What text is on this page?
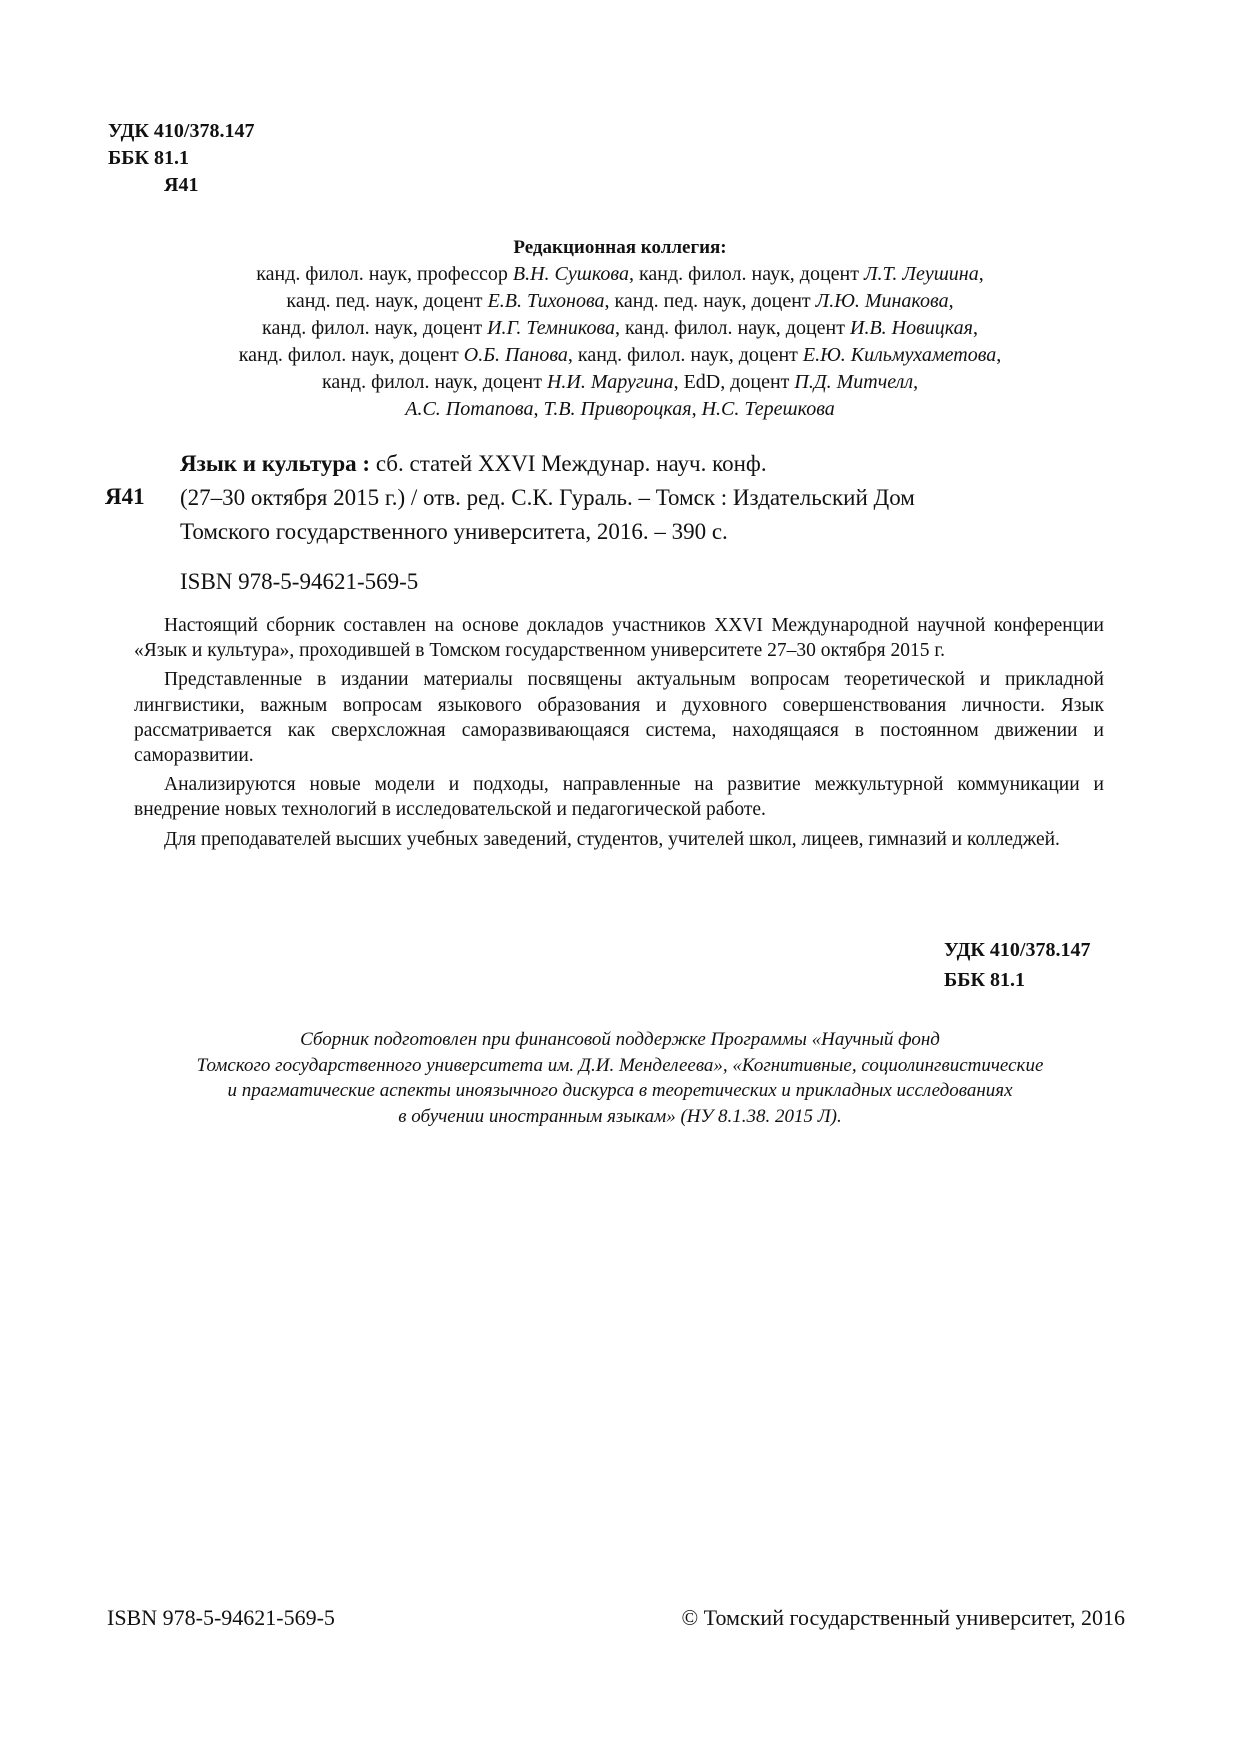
УДК 410/378.147
ББК 81.1
Я41
Редакционная коллегия:
канд. филол. наук, профессор В.Н. Сушкова, канд. филол. наук, доцент Л.Т. Леушина,
канд. пед. наук, доцент Е.В. Тихонова, канд. пед. наук, доцент Л.Ю. Минакова,
канд. филол. наук, доцент И.Г. Темникова, канд. филол. наук, доцент И.В. Новицкая,
канд. филол. наук, доцент О.Б. Панова, канд. филол. наук, доцент Е.Ю. Кильмухаметова,
канд. филол. наук, доцент Н.И. Маругина, EdD, доцент П.Д. Митчелл,
А.С. Потапова, Т.В. Привороцкая, Н.С. Терешкова
Я41
Язык и культура : сб. статей XXVI Междунар. науч. конф.
(27–30 октября 2015 г.) / отв. ред. С.К. Гураль. – Томск : Издательский Дом
Томского государственного университета, 2016. – 390 с.
ISBN 978-5-94621-569-5

Настоящий сборник составлен на основе докладов участников XXVI Международной научной конференции «Язык и культура», проходившей в Томском государственном университете 27–30 октября 2015 г.

Представленные в издании материалы посвящены актуальным вопросам теоретической и прикладной лингвистики, важным вопросам языкового образования и духовного совершенствования личности. Язык рассматривается как сверхсложная саморазвивающаяся система, находящаяся в постоянном движении и саморазвитии.

Анализируются новые модели и подходы, направленные на развитие межкультурной коммуникации и внедрение новых технологий в исследовательской и педагогической работе.

Для преподавателей высших учебных заведений, студентов, учителей школ, лицеев, гимназий и колледжей.

УДК 410/378.147
ББК 81.1
Сборник подготовлен при финансовой поддержке Программы «Научный фонд
Томского государственного университета им. Д.И. Менделеева», «Когнитивные, социолингвистические
и прагматические аспекты иноязычного дискурса в теоретических и прикладных исследованиях
в обучении иностранным языкам» (НУ 8.1.38. 2015 Л).
ISBN 978-5-94621-569-5	© Томский государственный университет, 2016
